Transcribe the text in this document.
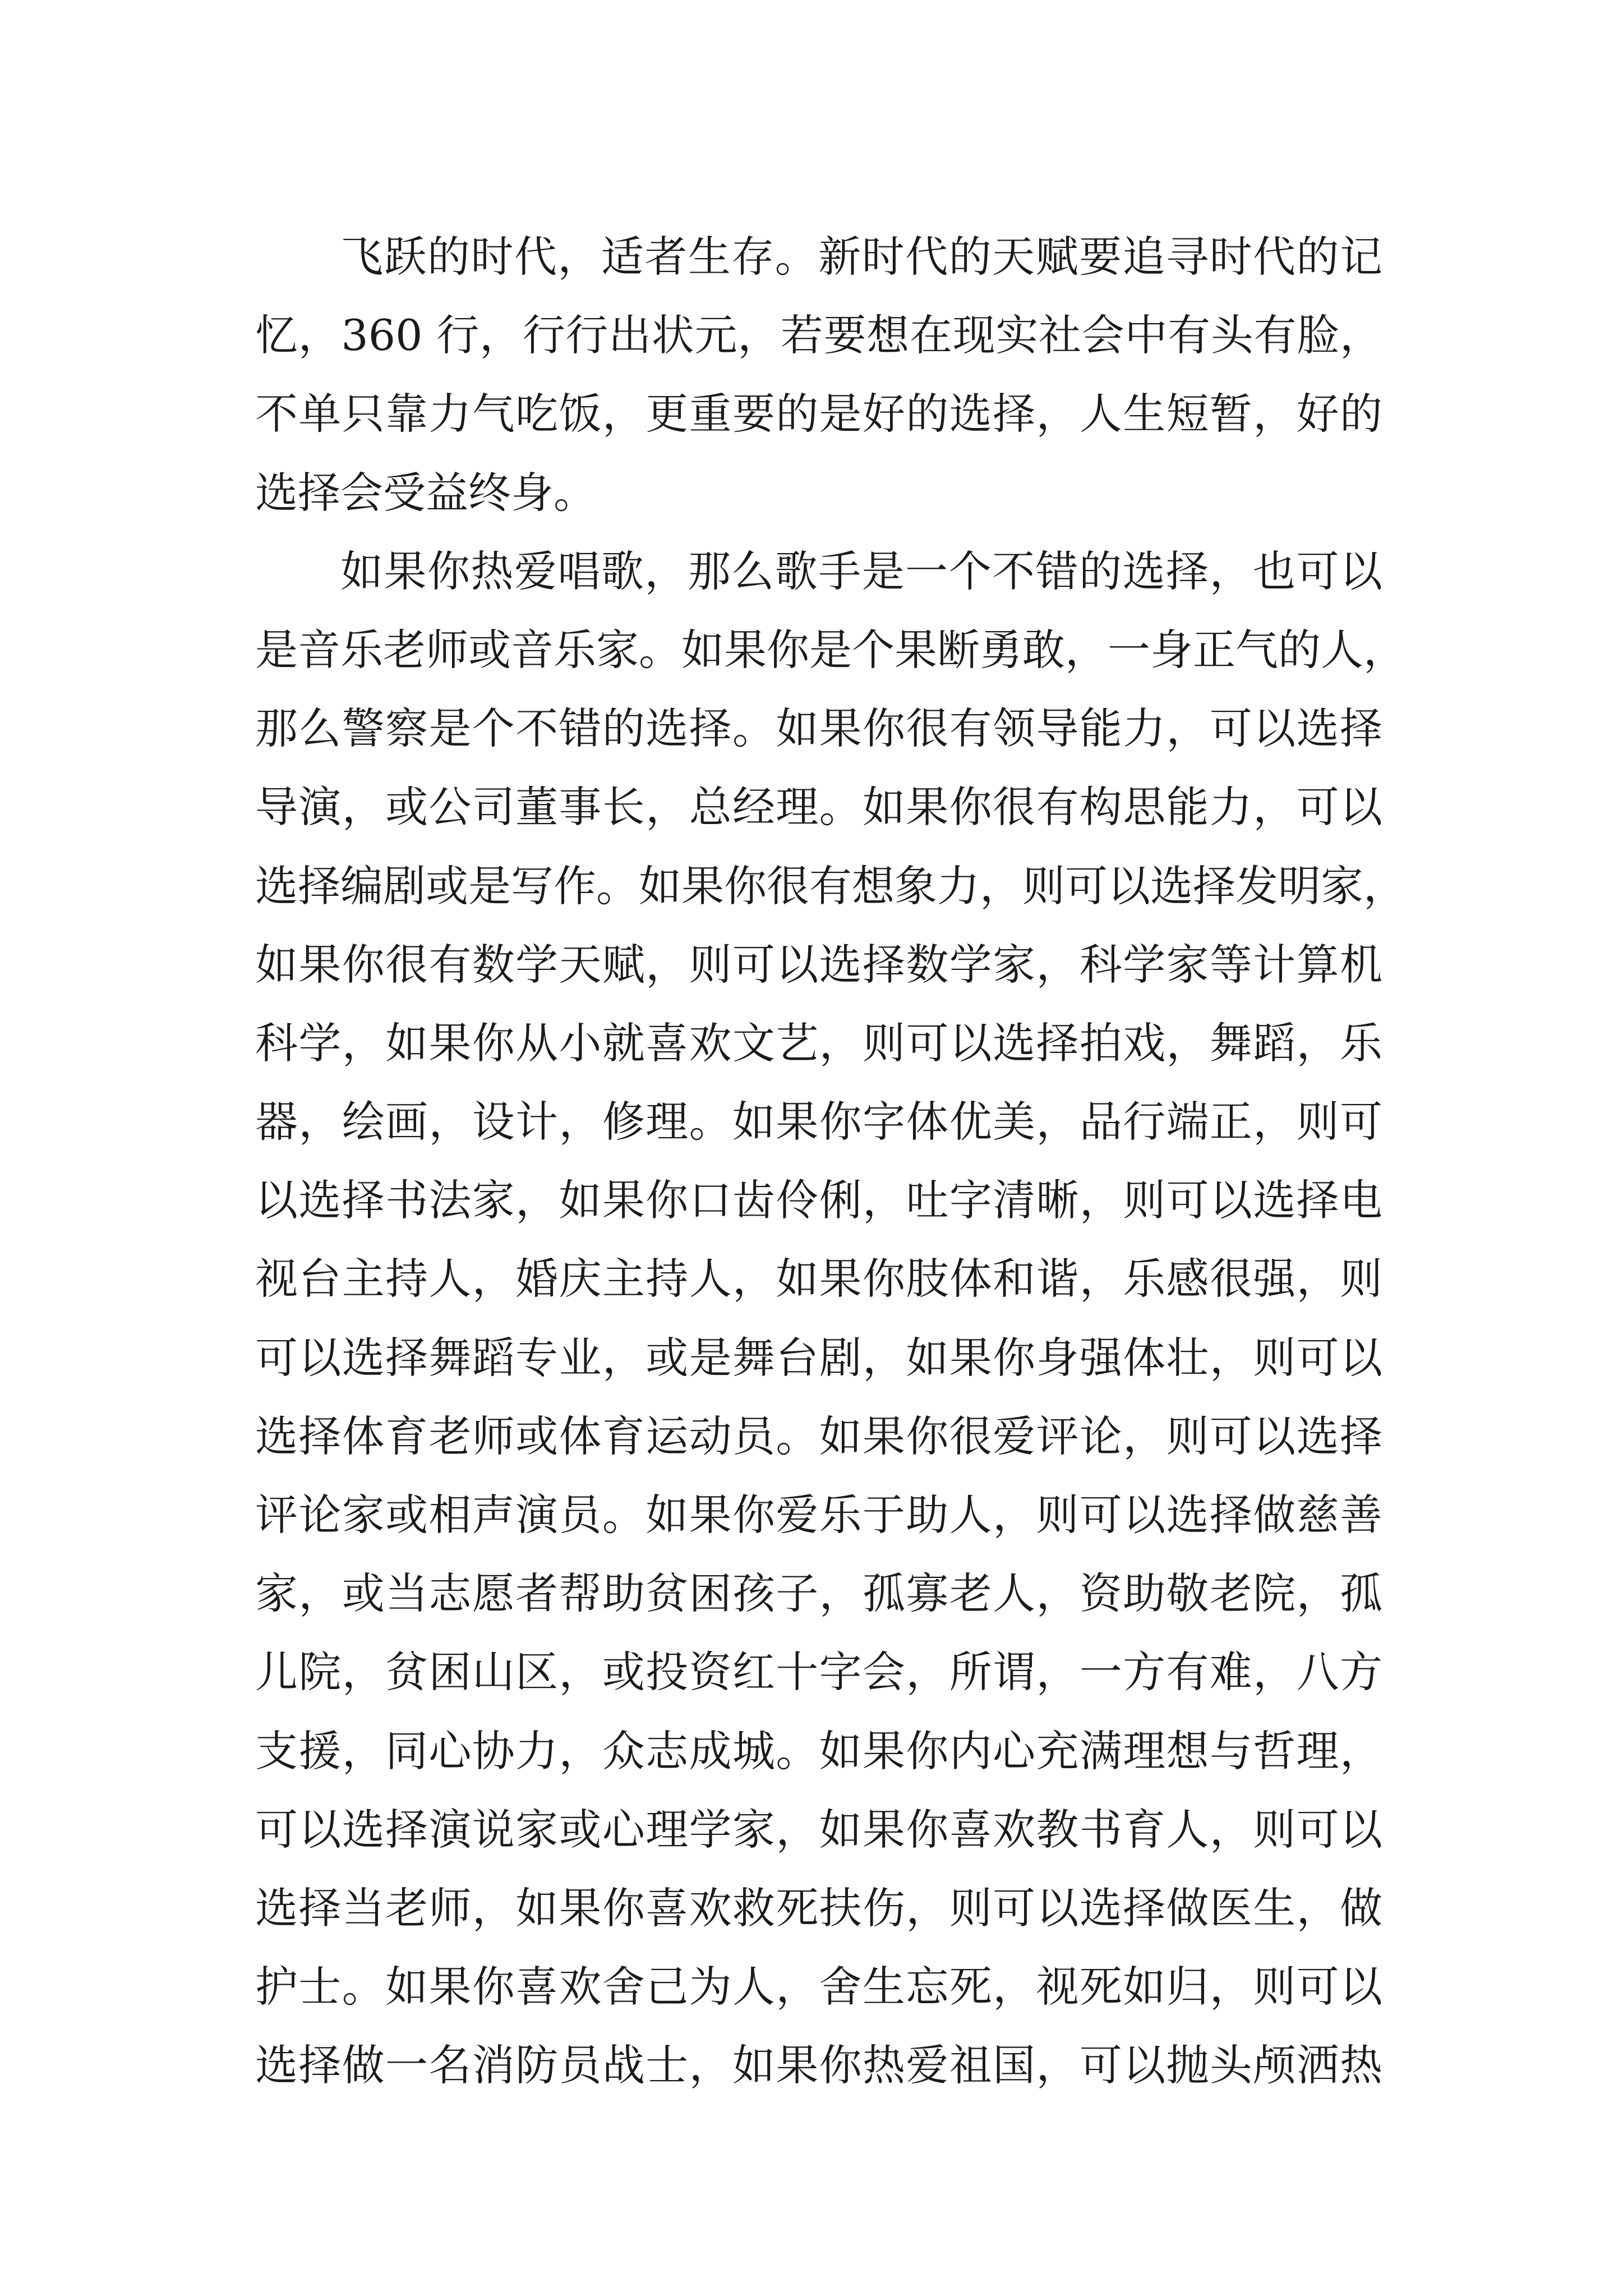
飞跃的时代，适者生存。新时代的天赋要追寻时代的记
忆，360 行，行行出状元，若要想在现实社会中有头有脸，
不单只靠力气吃饭，更重要的是好的选择，人生短暂，好的
选择会受益终身。
如果你热爱唱歌，那么歌手是一个不错的选择，也可以
是音乐老师或音乐家。如果你是个果断勇敢，一身正气的人，
那么警察是个不错的选择。如果你很有领导能力，可以选择
导演，或公司董事长，总经理。如果你很有构思能力，可以
选择编剧或是写作。如果你很有想象力，则可以选择发明家，
如果你很有数学天赋，则可以选择数学家，科学家等计算机
科学，如果你从小就喜欢文艺，则可以选择拍戏，舞蹈，乐
器，绘画，设计，修理。如果你字体优美，品行端正，则可
以选择书法家，如果你口齿伶俐，吐字清晰，则可以选择电
视台主持人，婚庆主持人，如果你肢体和谐，乐感很强，则
可以选择舞蹈专业，或是舞台剧，如果你身强体壮，则可以
选择体育老师或体育运动员。如果你很爱评论，则可以选择
评论家或相声演员。如果你爱乐于助人，则可以选择做慈善
家，或当志愿者帮助贫困孩子，孤寡老人，资助敬老院，孤
儿院，贫困山区，或投资红十字会，所谓，一方有难，八方
支援，同心协力，众志成城。如果你内心充满理想与哲理，
可以选择演说家或心理学家，如果你喜欢教书育人，则可以
选择当老师，如果你喜欢救死扶伤，则可以选择做医生，做
护士。如果你喜欢舍己为人，舍生忘死，视死如归，则可以
选择做一名消防员战士，如果你热爱祖国，可以抛头颅洒热
